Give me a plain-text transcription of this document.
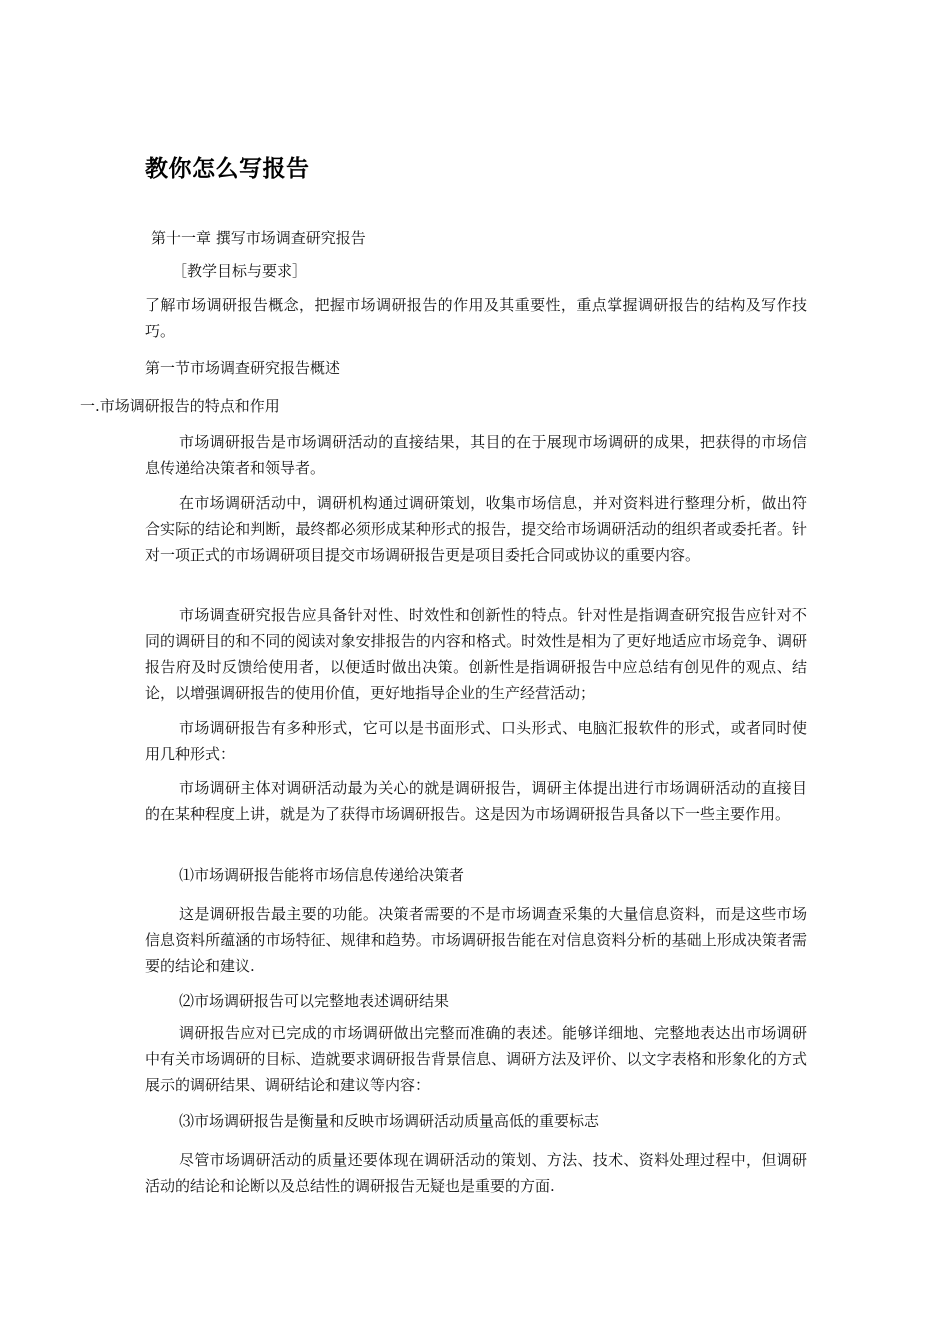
教你怎么写报告

第十一章 撰写市场调查研究报告

［教学目标与要求］

了解市场调研报告概念，把握市场调研报告的作用及其重要性，重点掌握调研报告的结构及写作技巧。

第一节市场调查研究报告概述

一.市场调研报告的特点和作用

市场调研报告是市场调研活动的直接结果，其目的在于展现市场调研的成果，把获得的市场信息传递给决策者和领导者。

在市场调研活动中，调研机构通过调研策划，收集市场信息，并对资料进行整理分析，做出符合实际的结论和判断，最终都必须形成某种形式的报告，提交给市场调研活动的组织者或委托者。针对一项正式的市场调研项目提交市场调研报告更是项目委托合同或协议的重要内容。

市场调查研究报告应具备针对性、时效性和创新性的特点。针对性是指调查研究报告应针对不同的调研目的和不同的阅读对象安排报告的内容和格式。时效性是相为了更好地适应市场竞争、调研报告府及时反馈给使用者，以便适时做出决策。创新性是指调研报告中应总结有创见件的观点、结论，以增强调研报告的使用价值，更好地指导企业的生产经营活动；

市场调研报告有多种形式，它可以是书面形式、口头形式、电脑汇报软件的形式，或者同时使用几种形式：

市场调研主体对调研活动最为关心的就是调研报告，调研主体提出进行市场调研活动的直接目的在某种程度上讲，就是为了获得市场调研报告。这是因为市场调研报告具备以下一些主要作用。

⑴市场调研报告能将市场信息传递给决策者

这是调研报告最主要的功能。决策者需要的不是市场调查采集的大量信息资料，而是这些市场信息资料所蕴涵的市场特征、规律和趋势。市场调研报告能在对信息资料分析的基础上形成决策者需要的结论和建议.

⑵市场调研报告可以完整地表述调研结果

调研报告应对已完成的市场调研做出完整而准确的表述。能够详细地、完整地表达出市场调研中有关市场调研的目标、造就要求调研报告背景信息、调研方法及评价、以文字表格和形象化的方式展示的调研结果、调研结论和建议等内容：

⑶市场调研报告是衡量和反映市场调研活动质量高低的重要标志

尽管市场调研活动的质量还要体现在调研活动的策划、方法、技术、资料处理过程中，但调研活动的结论和论断以及总结性的调研报告无疑也是重要的方面.
